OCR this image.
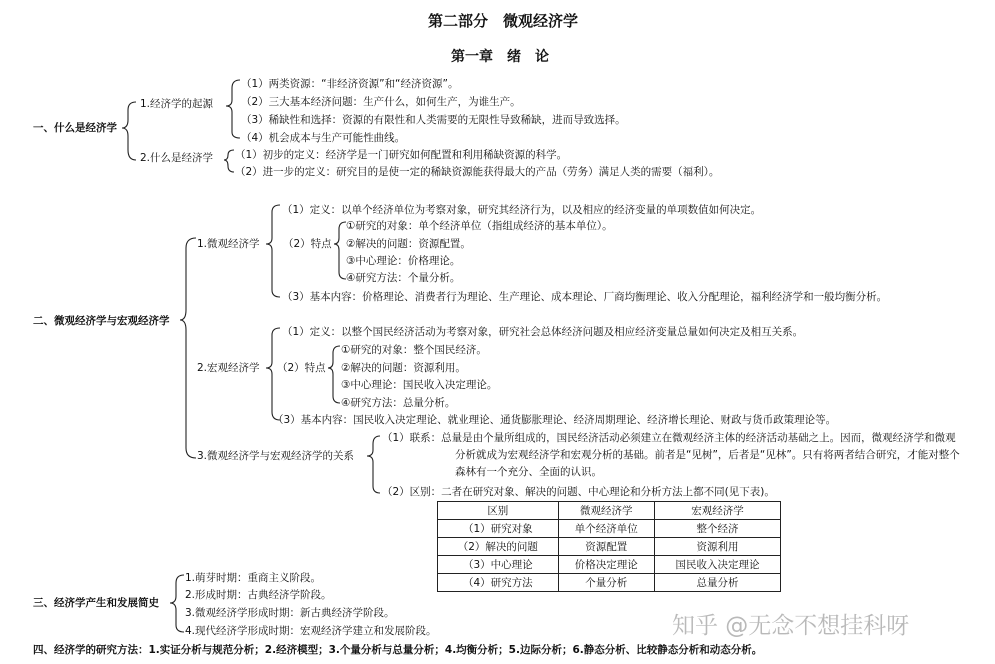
第二部分　微观经济学
第一章　绪　论
一、什么是经济学
1.经济学的起源
（1）两类资源：“非经济资源”和“经济资源”。
（2）三大基本经济问题：生产什么，如何生产，为谁生产。
（3）稀缺性和选择：资源的有限性和人类需要的无限性导致稀缺，进而导致选择。
（4）机会成本与生产可能性曲线。
2.什么是经济学 （1）初步的定义：经济学是一门研究如何配置和利用稀缺资源的科学。
（2）进一步的定义：研究目的是使一定的稀缺资源能获得最大的产品（劳务）满足人类的需要（福利）。
二、微观经济学与宏观经济学
1.微观经济学
（1）定义：以单个经济单位为考察对象，研究其经济行为，以及相应的经济变量的单项数值如何决定。
（2）特点
①研究的对象：单个经济单位（指组成经济的基本单位）。
②解决的问题：资源配置。
③中心理论：价格理论。
④研究方法：个量分析。
（3）基本内容：价格理论、消费者行为理论、生产理论、成本理论、厂商均衡理论、收入分配理论，福利经济学和一般均衡分析。
2.宏观经济学
（1）定义：以整个国民经济活动为考察对象，研究社会总体经济问题及相应经济变量总量如何决定及相互关系。
（2）特点
①研究的对象：整个国民经济。
②解决的问题：资源利用。
③中心理论：国民收入决定理论。
④研究方法：总量分析。
（3）基本内容：国民收入决定理论、就业理论、通货膨胀理论、经济周期理论、经济增长理论、财政与货币政策理论等。
3.微观经济学与宏观经济学的关系
（1）联系：总量是由个量所组成的，国民经济活动必须建立在微观经济主体的经济活动基础之上。因而，微观经济学和微观
分析就成为宏观经济学和宏观分析的基础。前者是“见树”，后者是“见林”。只有将两者结合研究，才能对整个
森林有一个充分、全面的认识。
（2）区别：二者在研究对象、解决的问题、中心理论和分析方法上都不同(见下表)。
区别	微观经济学	宏观经济学
（1）研究对象	单个经济单位	整个经济
（2）解决的问题	资源配置	资源利用
（3）中心理论	价格决定理论	国民收入决定理论
（4）研究方法	个量分析	总量分析
三、经济学产生和发展简史
1.萌芽时期：重商主义阶段。
2.形成时期：古典经济学阶段。
3.微观经济学形成时期：新古典经济学阶段。
4.现代经济学形成时期：宏观经济学建立和发展阶段。
四、经济学的研究方法：1.实证分析与规范分析；2.经济模型；3.个量分析与总量分析；4.均衡分析；5.边际分析；6.静态分析、比较静态分析和动态分析。
知乎 @无念不想挂科呀
